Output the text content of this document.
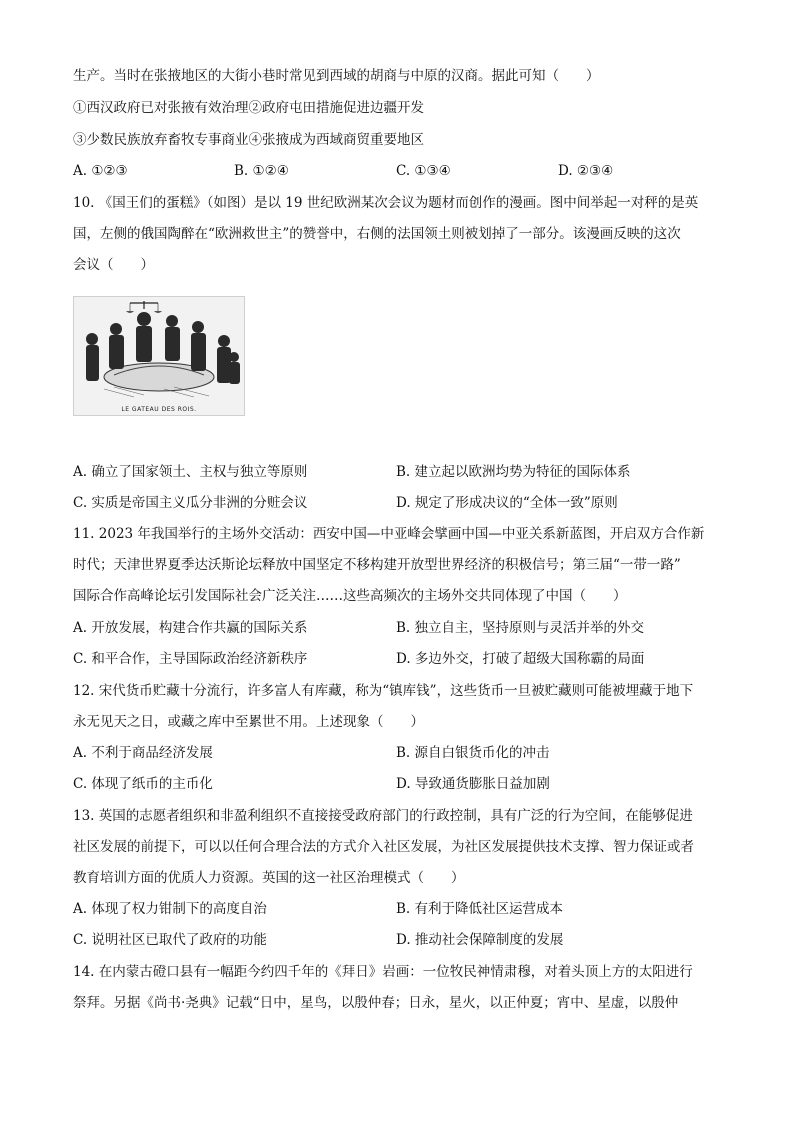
生产。当时在张掖地区的大街小巷时常见到西域的胡商与中原的汉商。据此可知（　　）
①西汉政府已对张掖有效治理②政府屯田措施促进边疆开发
③少数民族放弃畜牧专事商业④张掖成为西域商贸重要地区
A. ①②③	B. ①②④	C. ①③④	D. ②③④
10. 《国王们的蛋糕》（如图）是以 19 世纪欧洲某次会议为题材而创作的漫画。图中间举起一对秤的是英
国，左侧的俄国陶醉在“欧洲救世主”的赞誉中，右侧的法国领土则被划掉了一部分。该漫画反映的这次
会议（　　）
LE GATEAU DES ROIS.
A. 确立了国家领土、主权与独立等原则	B. 建立起以欧洲均势为特征的国际体系
C. 实质是帝国主义瓜分非洲的分赃会议	D. 规定了形成决议的“全体一致”原则
11. 2023 年我国举行的主场外交活动：西安中国—中亚峰会擘画中国—中亚关系新蓝图，开启双方合作新
时代；天津世界夏季达沃斯论坛释放中国坚定不移构建开放型世界经济的积极信号；第三届“一带一路”
国际合作高峰论坛引发国际社会广泛关注……这些高频次的主场外交共同体现了中国（　　）
A. 开放发展，构建合作共赢的国际关系	B. 独立自主，坚持原则与灵活并举的外交
C. 和平合作，主导国际政治经济新秩序	D. 多边外交，打破了超级大国称霸的局面
12. 宋代货币贮藏十分流行，许多富人有库藏，称为“镇库钱”，这些货币一旦被贮藏则可能被埋藏于地下
永无见天之日，或藏之库中至累世不用。上述现象（　　）
A. 不利于商品经济发展	B. 源自白银货币化的冲击
C. 体现了纸币的主币化	D. 导致通货膨胀日益加剧
13. 英国的志愿者组织和非盈利组织不直接接受政府部门的行政控制，具有广泛的行为空间，在能够促进
社区发展的前提下，可以以任何合理合法的方式介入社区发展，为社区发展提供技术支撑、智力保证或者
教育培训方面的优质人力资源。英国的这一社区治理模式（　　）
A. 体现了权力钳制下的高度自治	B. 有利于降低社区运营成本
C. 说明社区已取代了政府的功能	D. 推动社会保障制度的发展
14. 在内蒙古磴口县有一幅距今约四千年的《拜日》岩画：一位牧民神情肃穆，对着头顶上方的太阳进行
祭拜。另据《尚书·尧典》记载“日中，星鸟，以殷仲春；日永，星火，以正仲夏；宵中、星虚，以殷仲
